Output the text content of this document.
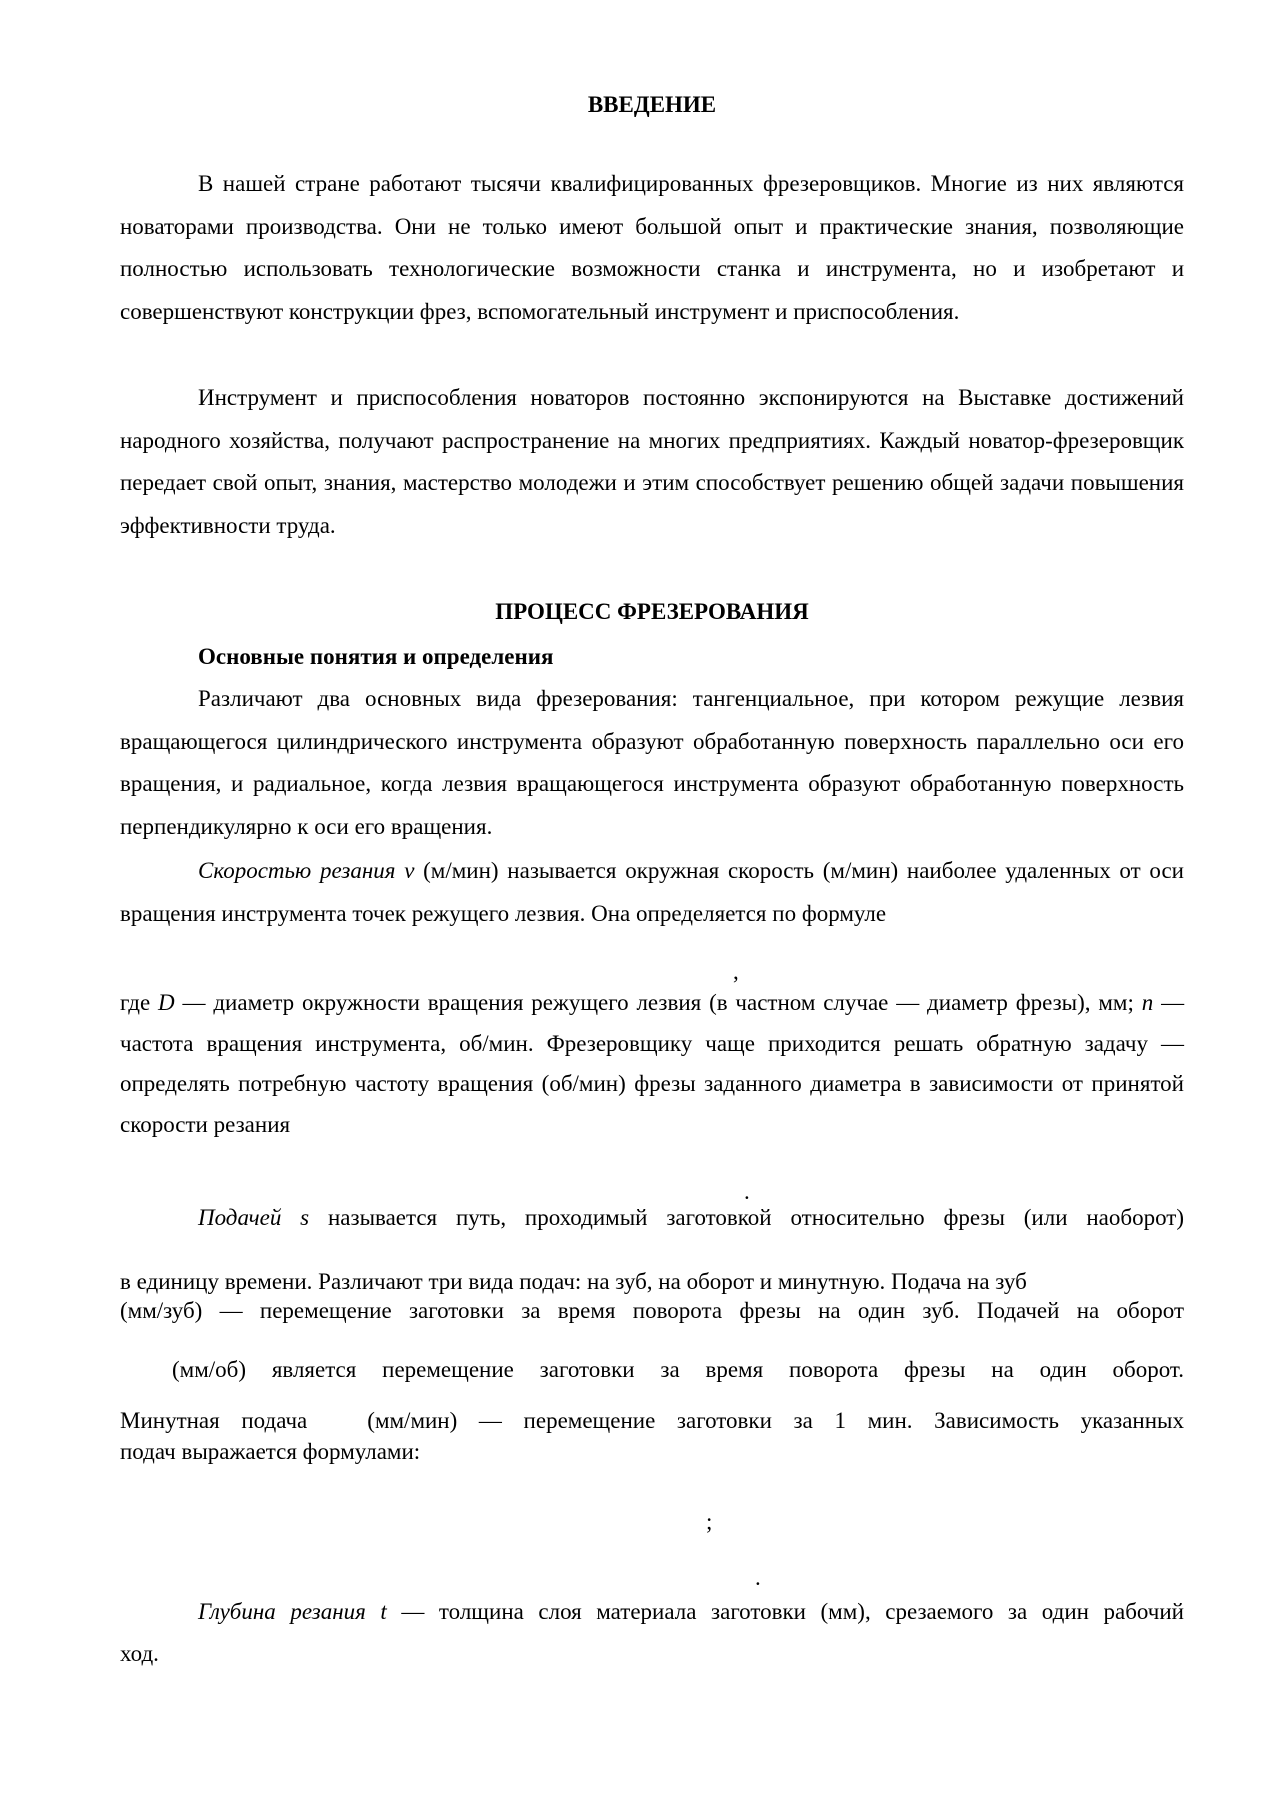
ВВЕДЕНИЕ

В нашей стране работают тысячи квалифицированных фрезеровщиков. Многие из них являются новаторами производства. Они не только имеют большой опыт и практические знания, позволяющие полностью использовать технологические возможности станка и инструмента, но и изобретают и совершенствуют конструкции фрез, вспомогательный инструмент и приспособления.

Инструмент и приспособления новаторов постоянно экспонируются на Выставке достижений народного хозяйства, получают распространение на многих предприятиях. Каждый новатор-фрезеровщик передает свой опыт, знания, мастерство молодежи и этим способствует решению общей задачи повышения эффективности труда.

ПРОЦЕСС ФРЕЗЕРОВАНИЯ
Основные понятия и определения

Различают два основных вида фрезерования: тангенциальное, при котором режущие лезвия вращающегося цилиндрического инструмента образуют обработанную поверхность параллельно оси его вращения, и радиальное, когда лезвия вращающегося инструмента образуют обработанную поверхность перпендикулярно к оси его вращения.

Скоростью резания v (м/мин) называется окружная скорость (м/мин) наиболее удаленных от оси вращения инструмента точек режущего лезвия. Она определяется по формуле

,

где D — диаметр окружности вращения режущего лезвия (в частном случае — диаметр фрезы), мм; n — частота вращения инструмента, об/мин. Фрезеровщику чаще приходится решать обратную задачу — определять потребную частоту вращения (об/мин) фрезы заданного диаметра в зависимости от принятой скорости резания

.

Подачей s называется путь, проходимый заготовкой относительно фрезы (или наоборот)

в единицу времени. Различают три вида подач: на зуб, на оборот и минутную. Подача на зуб

(мм/зуб) — перемещение заготовки за время поворота фрезы на один зуб. Подачей на оборот

(мм/об) является перемещение заготовки за время поворота фрезы на один оборот.

Минутная подача	(мм/мин) — перемещение заготовки за 1 мин. Зависимость указанных

подач выражается формулами:

;

.

Глубина резания t — толщина слоя материала заготовки (мм), срезаемого за один рабочий

ход.
